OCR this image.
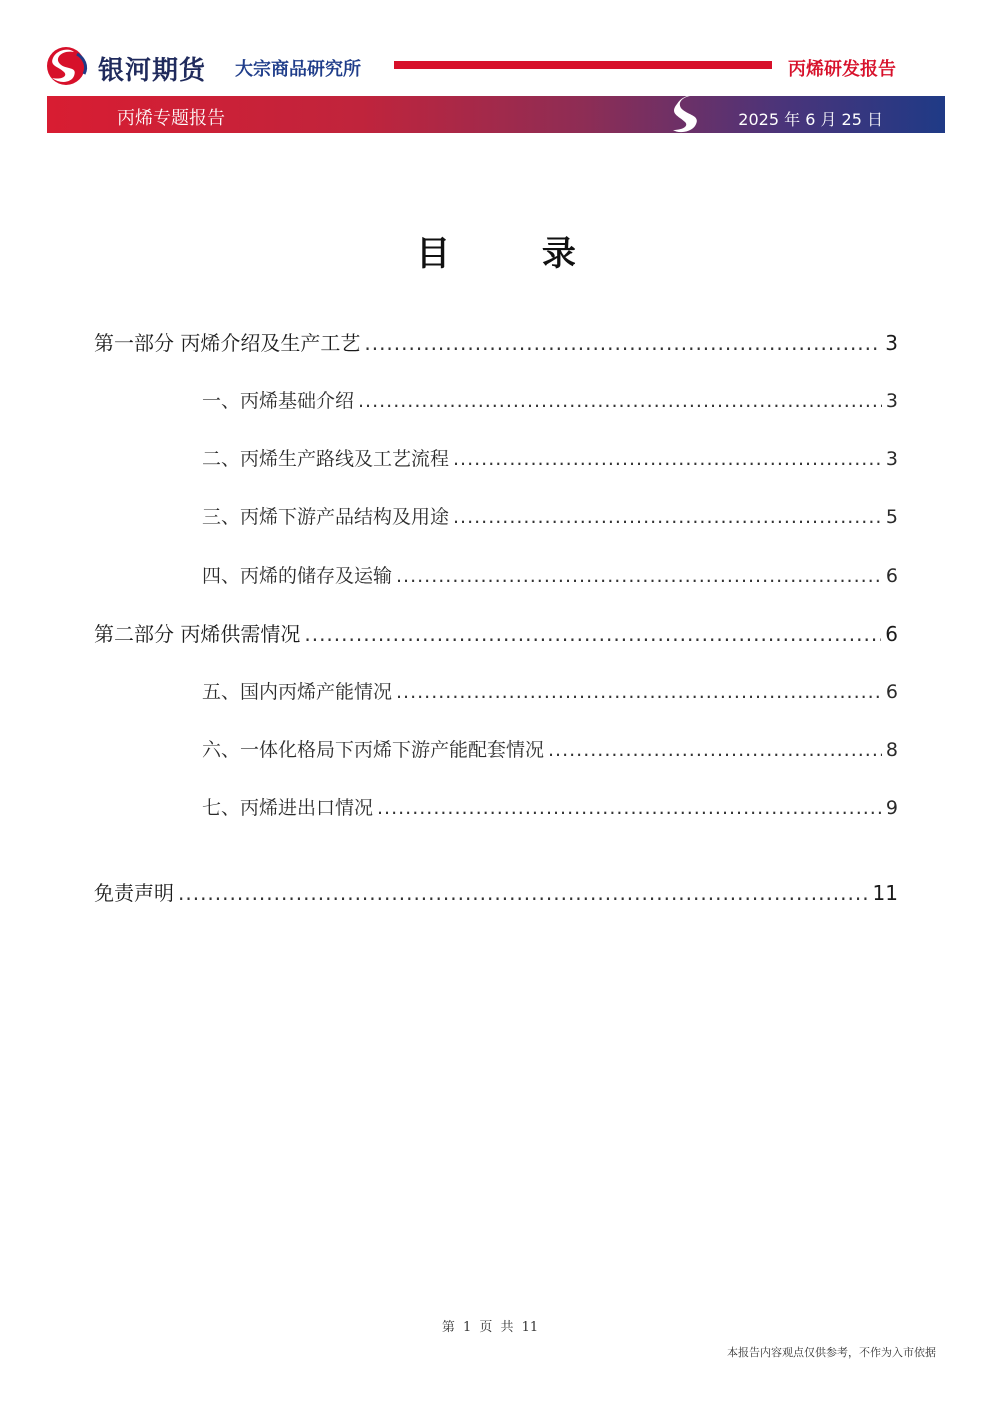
银河期货 大宗商品研究所	丙烯研发报告
丙烯专题报告	2025 年 6 月 25 日
目 录
第一部分 丙烯介绍及生产工艺 .....	3
一、丙烯基础介绍 .....	3
二、丙烯生产路线及工艺流程 .....	3
三、丙烯下游产品结构及用途 .....	5
四、丙烯的储存及运输 .....	6
第二部分 丙烯供需情况 .....	6
五、国内丙烯产能情况 .....	6
六、一体化格局下丙烯下游产能配套情况 .....	8
七、丙烯进出口情况 .....	9
免责声明 .....	11
第 1 页 共 11
本报告内容观点仅供参考，不作为入市依据
